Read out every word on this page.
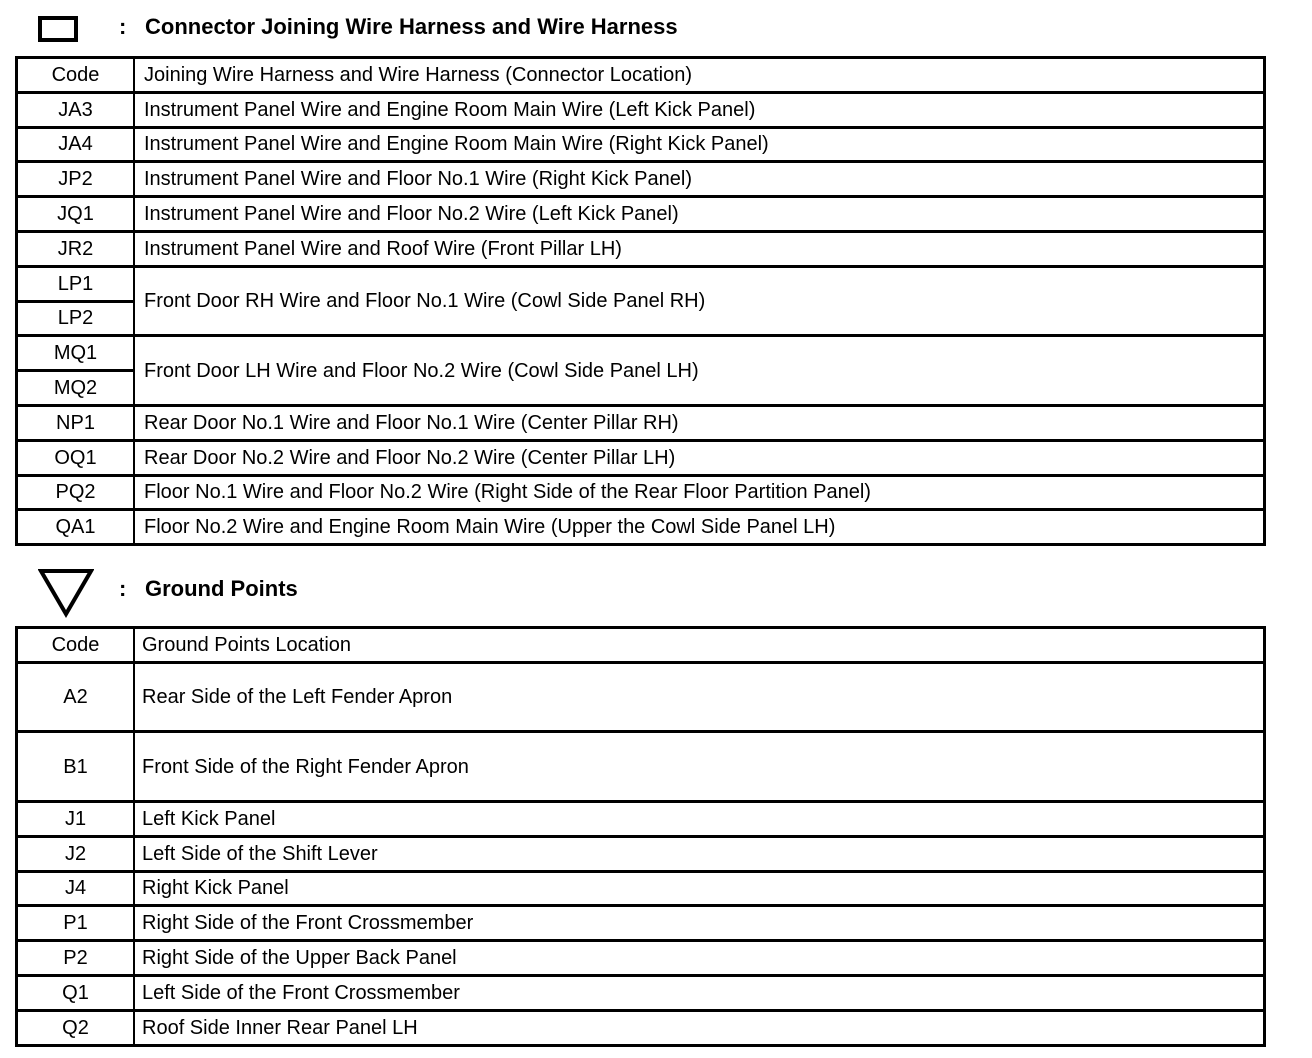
: Connector Joining Wire Harness and Wire Harness
Code	Joining Wire Harness and Wire Harness (Connector Location)
JA3	Instrument Panel Wire and Engine Room Main Wire (Left Kick Panel)
JA4	Instrument Panel Wire and Engine Room Main Wire (Right Kick Panel)
JP2	Instrument Panel Wire and Floor No.1 Wire (Right Kick Panel)
JQ1	Instrument Panel Wire and Floor No.2 Wire (Left Kick Panel)
JR2	Instrument Panel Wire and Roof Wire (Front Pillar LH)
LP1	Front Door RH Wire and Floor No.1 Wire (Cowl Side Panel RH)
LP2	
MQ1	Front Door LH Wire and Floor No.2 Wire (Cowl Side Panel LH)
MQ2	
NP1	Rear Door No.1 Wire and Floor No.1 Wire (Center Pillar RH)
OQ1	Rear Door No.2 Wire and Floor No.2 Wire (Center Pillar LH)
PQ2	Floor No.1 Wire and Floor No.2 Wire (Right Side of the Rear Floor Partition Panel)
QA1	Floor No.2 Wire and Engine Room Main Wire (Upper the Cowl Side Panel LH)
: Ground Points
Code	Ground Points Location
A2	Rear Side of the Left Fender Apron
B1	Front Side of the Right Fender Apron
J1	Left Kick Panel
J2	Left Side of the Shift Lever
J4	Right Kick Panel
P1	Right Side of the Front Crossmember
P2	Right Side of the Upper Back Panel
Q1	Left Side of the Front Crossmember
Q2	Roof Side Inner Rear Panel LH
